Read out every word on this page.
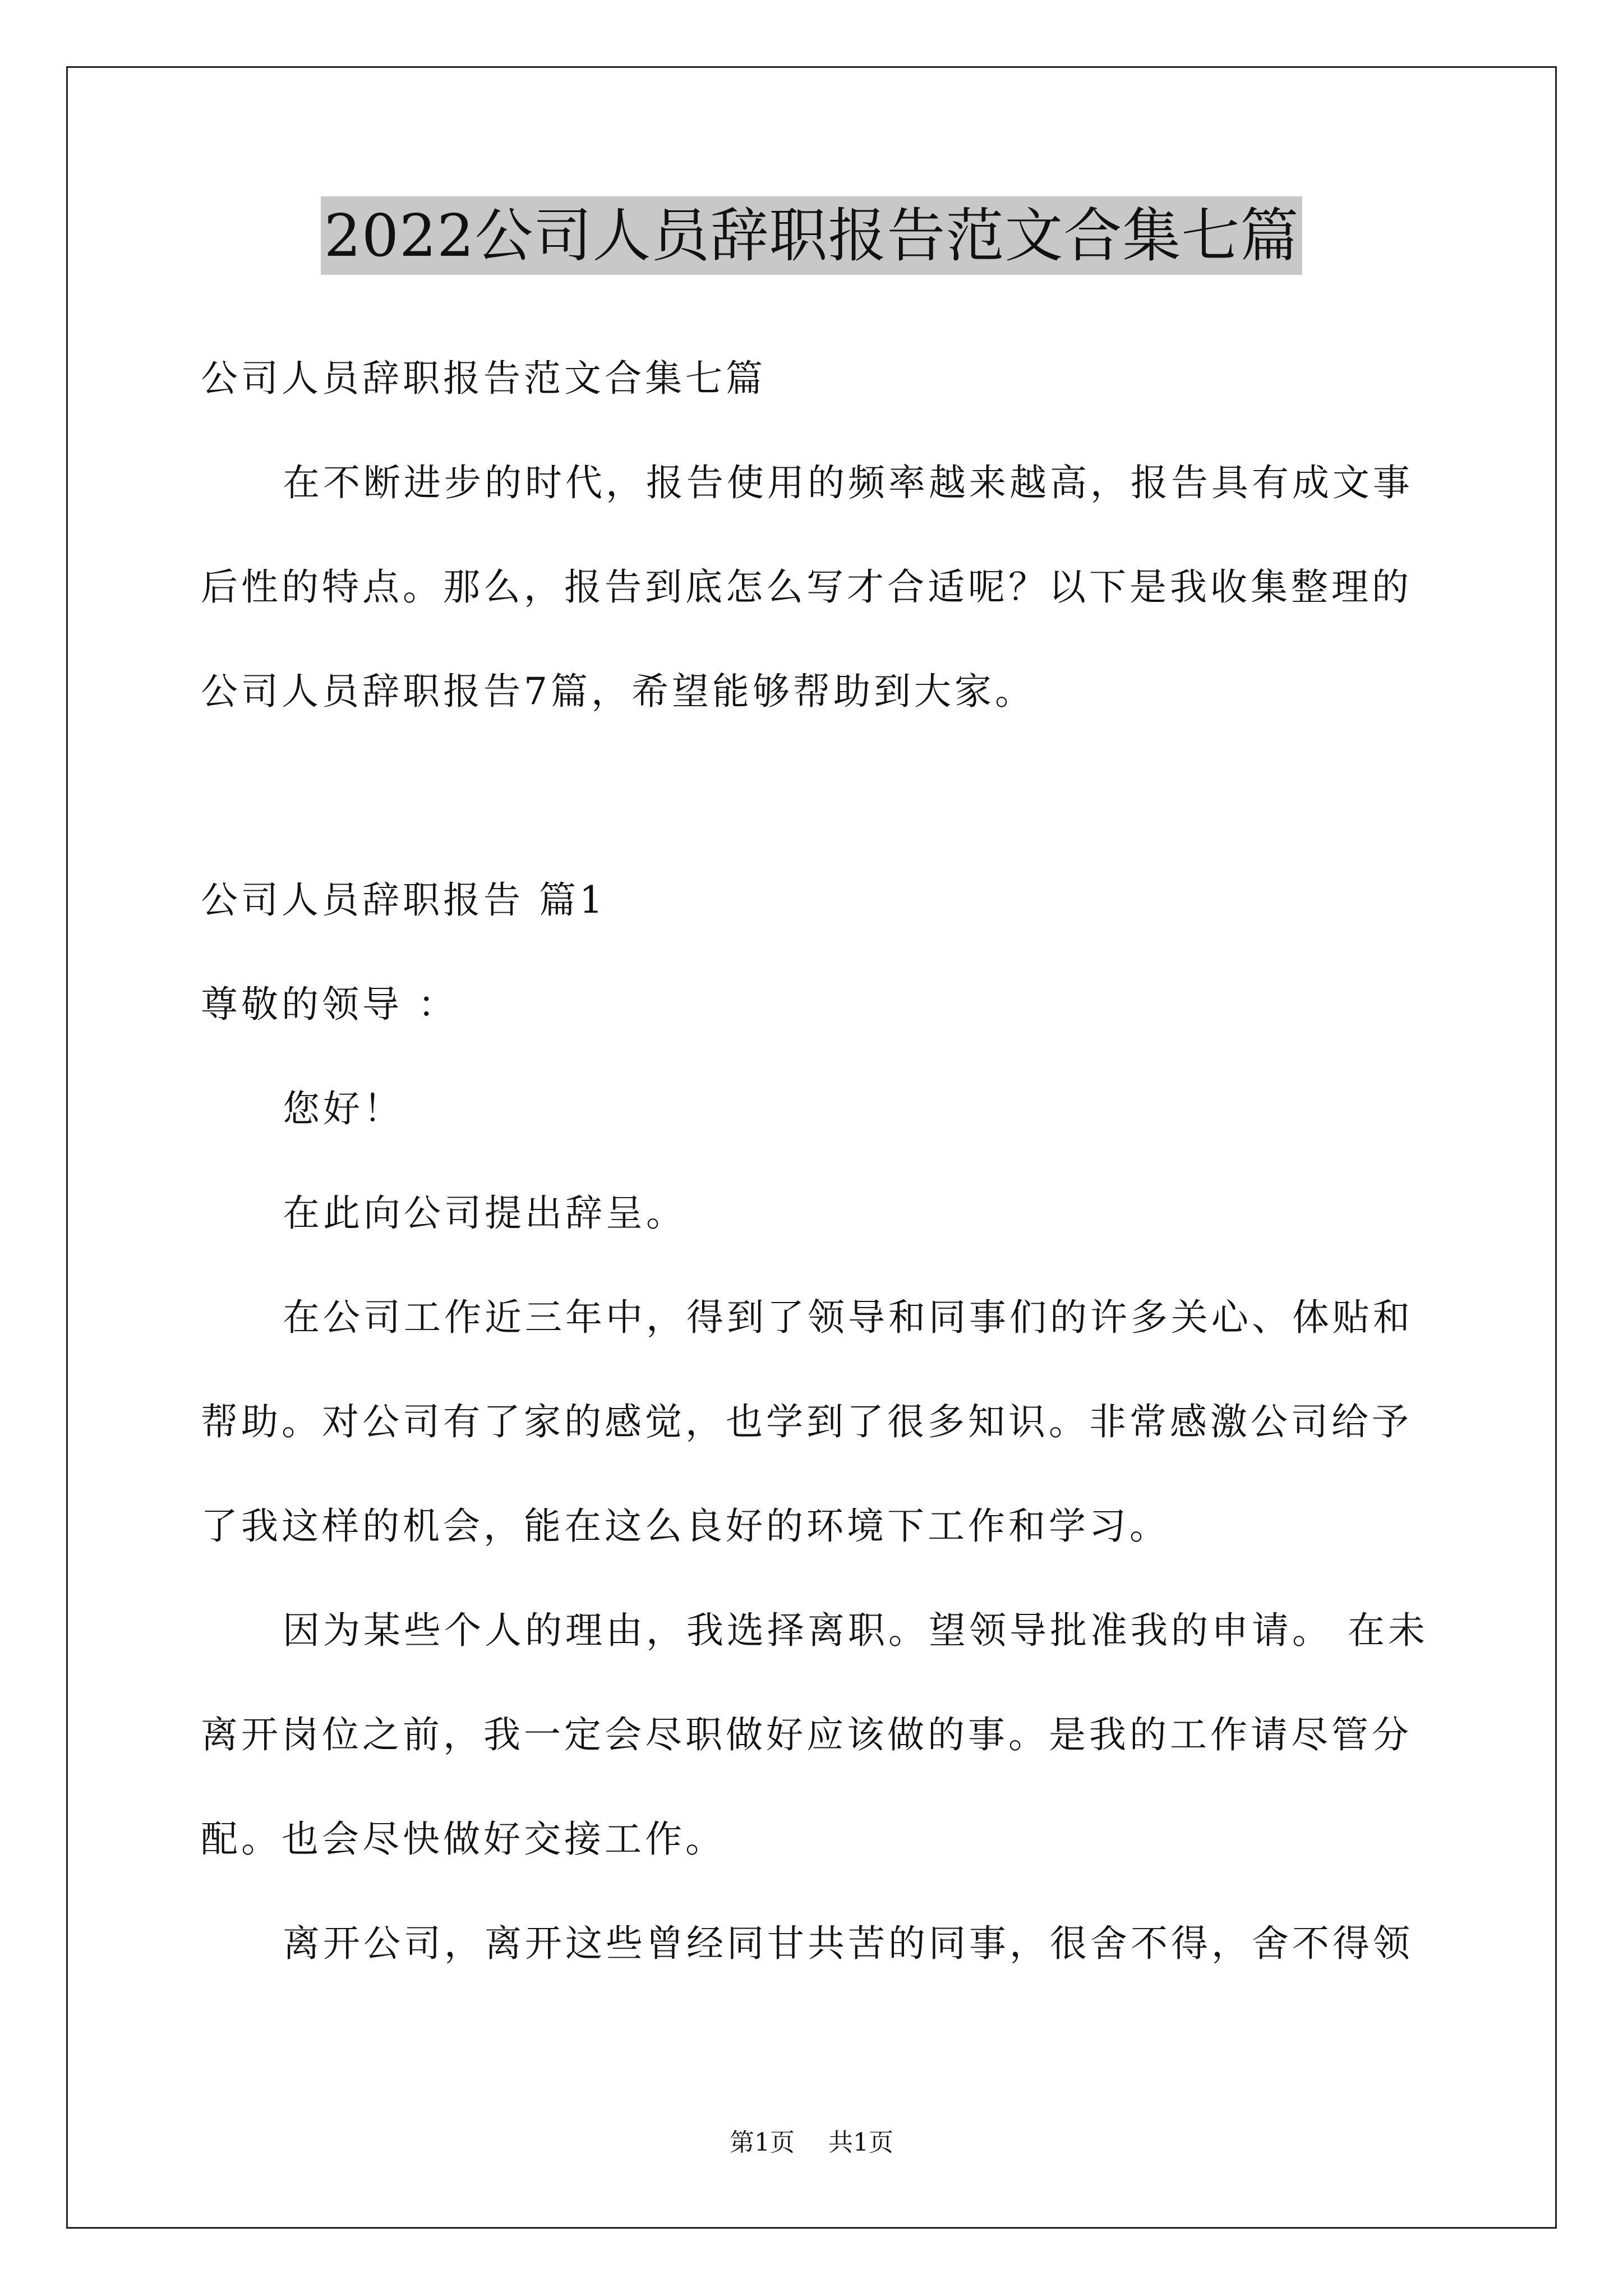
2022公司人员辞职报告范文合集七篇
公司人员辞职报告范文合集七篇
在不断进步的时代，报告使用的频率越来越高，报告具有成文事
后性的特点。那么，报告到底怎么写才合适呢？以下是我收集整理的
公司人员辞职报告7篇，希望能够帮助到大家。
公司人员辞职报告 篇1
尊敬的领导 ：
您好！
在此向公司提出辞呈。
在公司工作近三年中，得到了领导和同事们的许多关心、体贴和
帮助。对公司有了家的感觉，也学到了很多知识。非常感激公司给予
了我这样的机会，能在这么良好的环境下工作和学习。
因为某些个人的理由，我选择离职。望领导批准我的申请。 在未
离开岗位之前，我一定会尽职做好应该做的事。是我的工作请尽管分
配。也会尽快做好交接工作。
离开公司，离开这些曾经同甘共苦的同事，很舍不得，舍不得领
第1页 共1页
